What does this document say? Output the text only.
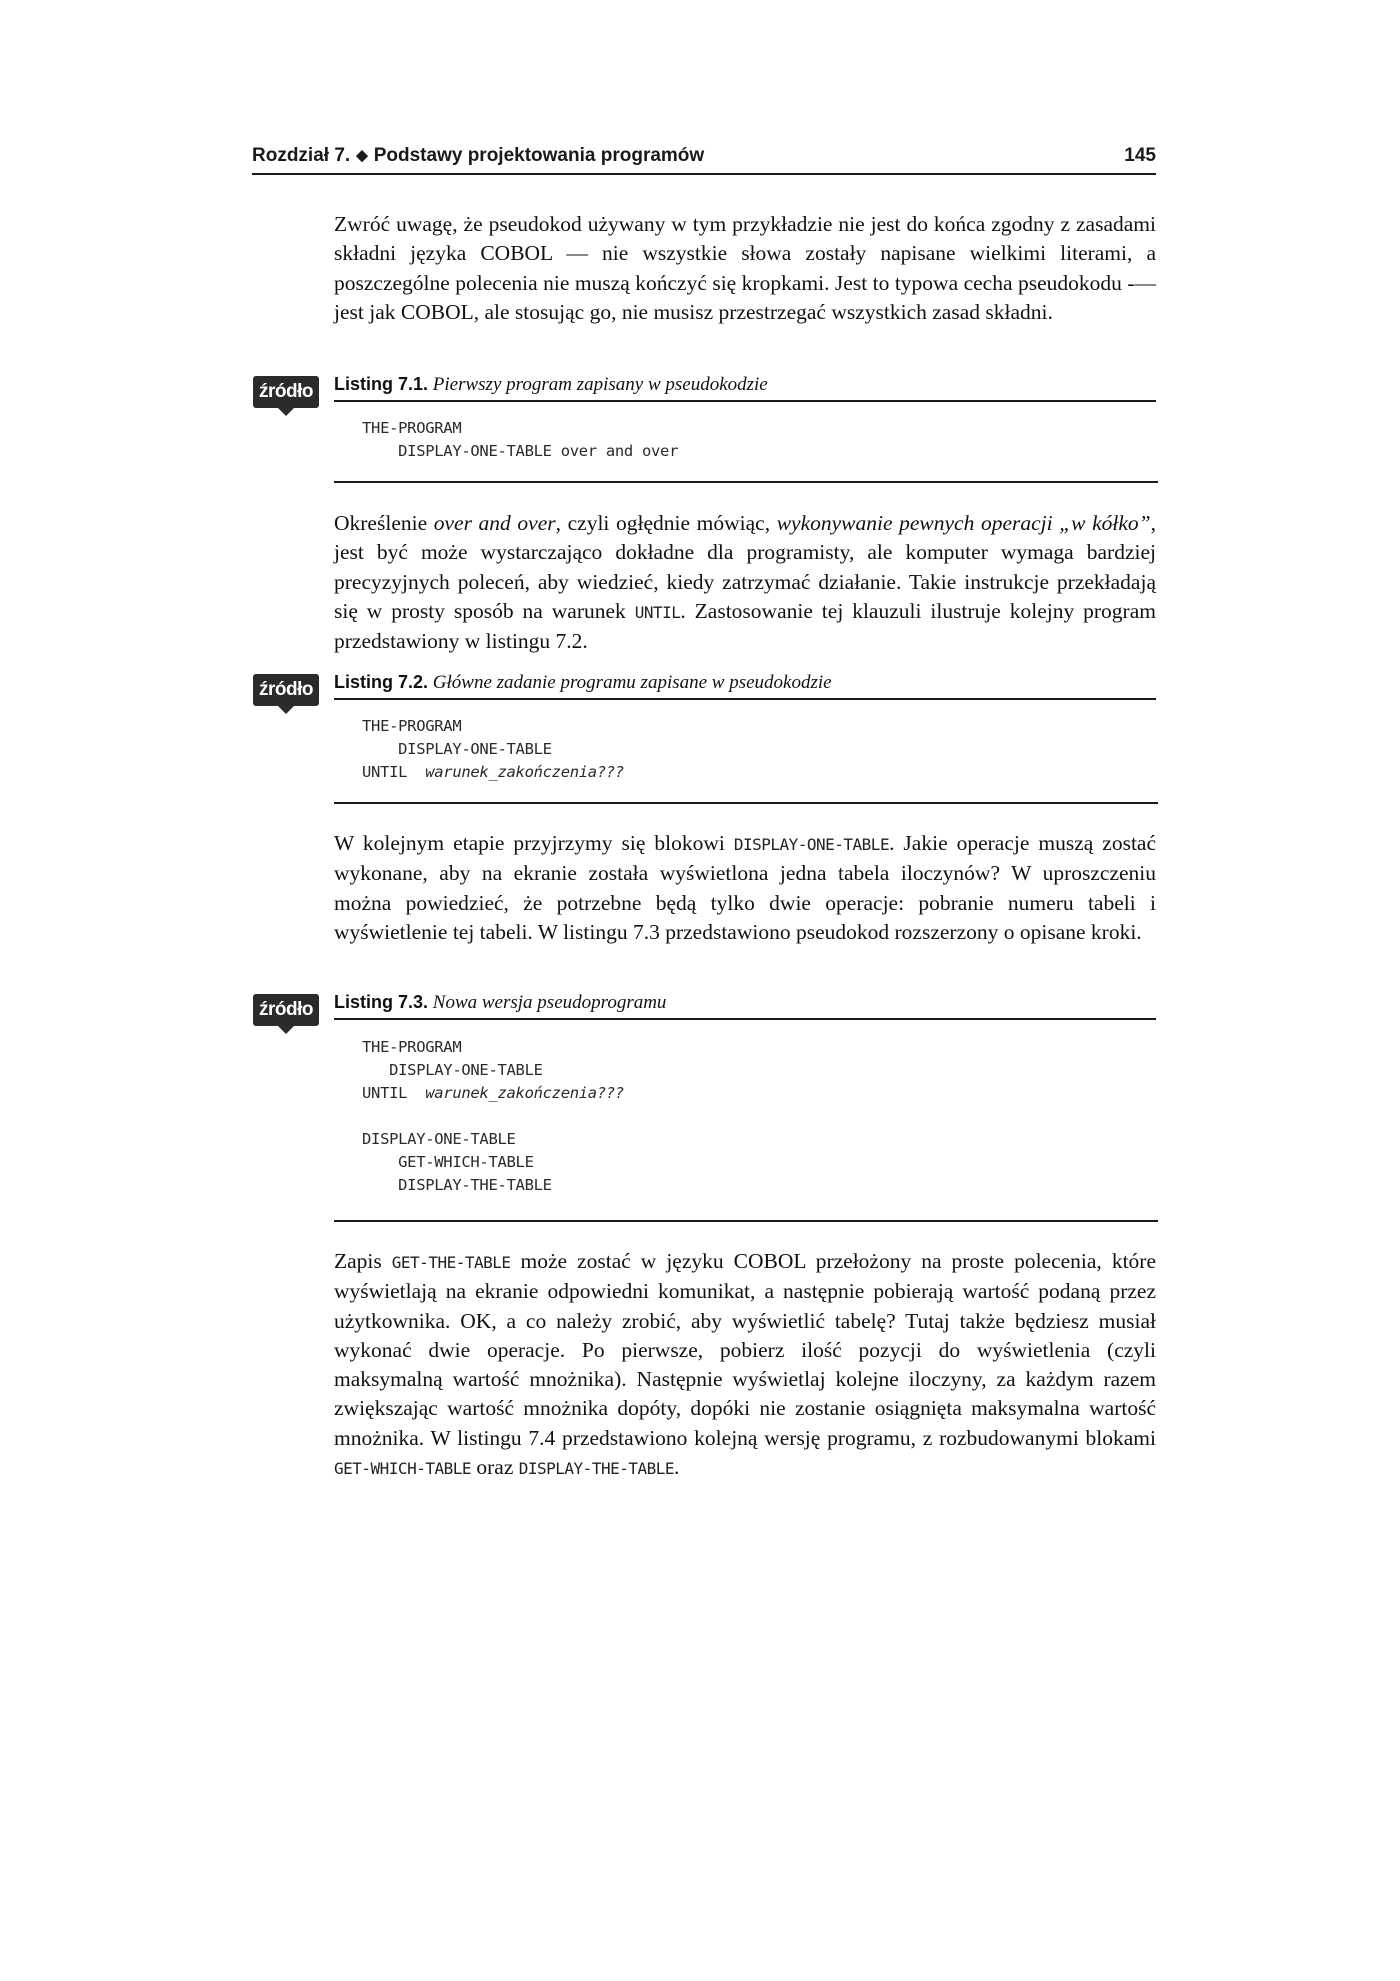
Rozdział 7. ◆ Podstawy projektowania programów	145

Zwróć uwagę, że pseudokod używany w tym przykładzie nie jest do końca zgodny z zasadami składni języka COBOL — nie wszystkie słowa zostały napisane wielkimi literami, a poszczególne polecenia nie muszą kończyć się kropkami. Jest to typowa cecha pseudokodu -— jest jak COBOL, ale stosując go, nie musisz przestrzegać wszystkich zasad składni.

źródło	Listing 7.1. Pierwszy program zapisany w pseudokodzie
THE-PROGRAM
DISPLAY-ONE-TABLE over and over

Określenie over and over, czyli ogłędnie mówiąc, wykonywanie pewnych operacji „w kółko”, jest być może wystarczająco dokładne dla programisty, ale komputer wymaga bardziej precyzyjnych poleceń, aby wiedzieć, kiedy zatrzymać działanie. Takie instrukcje przekładają się w prosty sposób na warunek UNTIL. Zastosowanie tej klauzuli ilustruje kolejny program przedstawiony w listingu 7.2.

źródło	Listing 7.2. Główne zadanie programu zapisane w pseudokodzie
THE-PROGRAM
DISPLAY-ONE-TABLE
UNTIL  warunek_zakończenia???

W kolejnym etapie przyjrzymy się blokowi DISPLAY-ONE-TABLE. Jakie operacje muszą zostać wykonane, aby na ekranie została wyświetlona jedna tabela iloczynów? W uproszczeniu można powiedzieć, że potrzebne będą tylko dwie operacje: pobranie numeru tabeli i wyświetlenie tej tabeli. W listingu 7.3 przedstawiono pseudokod rozszerzony o opisane kroki.

źródło	Listing 7.3. Nowa wersja pseudoprogramu
THE-PROGRAM
DISPLAY-ONE-TABLE
UNTIL  warunek_zakończenia???

DISPLAY-ONE-TABLE
GET-WHICH-TABLE
DISPLAY-THE-TABLE

Zapis GET-THE-TABLE może zostać w języku COBOL przełożony na proste polecenia, które wyświetlają na ekranie odpowiedni komunikat, a następnie pobierają wartość podaną przez użytkownika. OK, a co należy zrobić, aby wyświetlić tabelę? Tutaj także będziesz musiał wykonać dwie operacje. Po pierwsze, pobierz ilość pozycji do wyświetlenia (czyli maksymalną wartość mnożnika). Następnie wyświetlaj kolejne iloczyny, za każdym razem zwiększając wartość mnożnika dopóty, dopóki nie zostanie osiągnięta maksymalna wartość mnożnika. W listingu 7.4 przedstawiono kolejną wersję programu, z rozbudowanymi blokami GET-WHICH-TABLE oraz DISPLAY-THE-TABLE.
